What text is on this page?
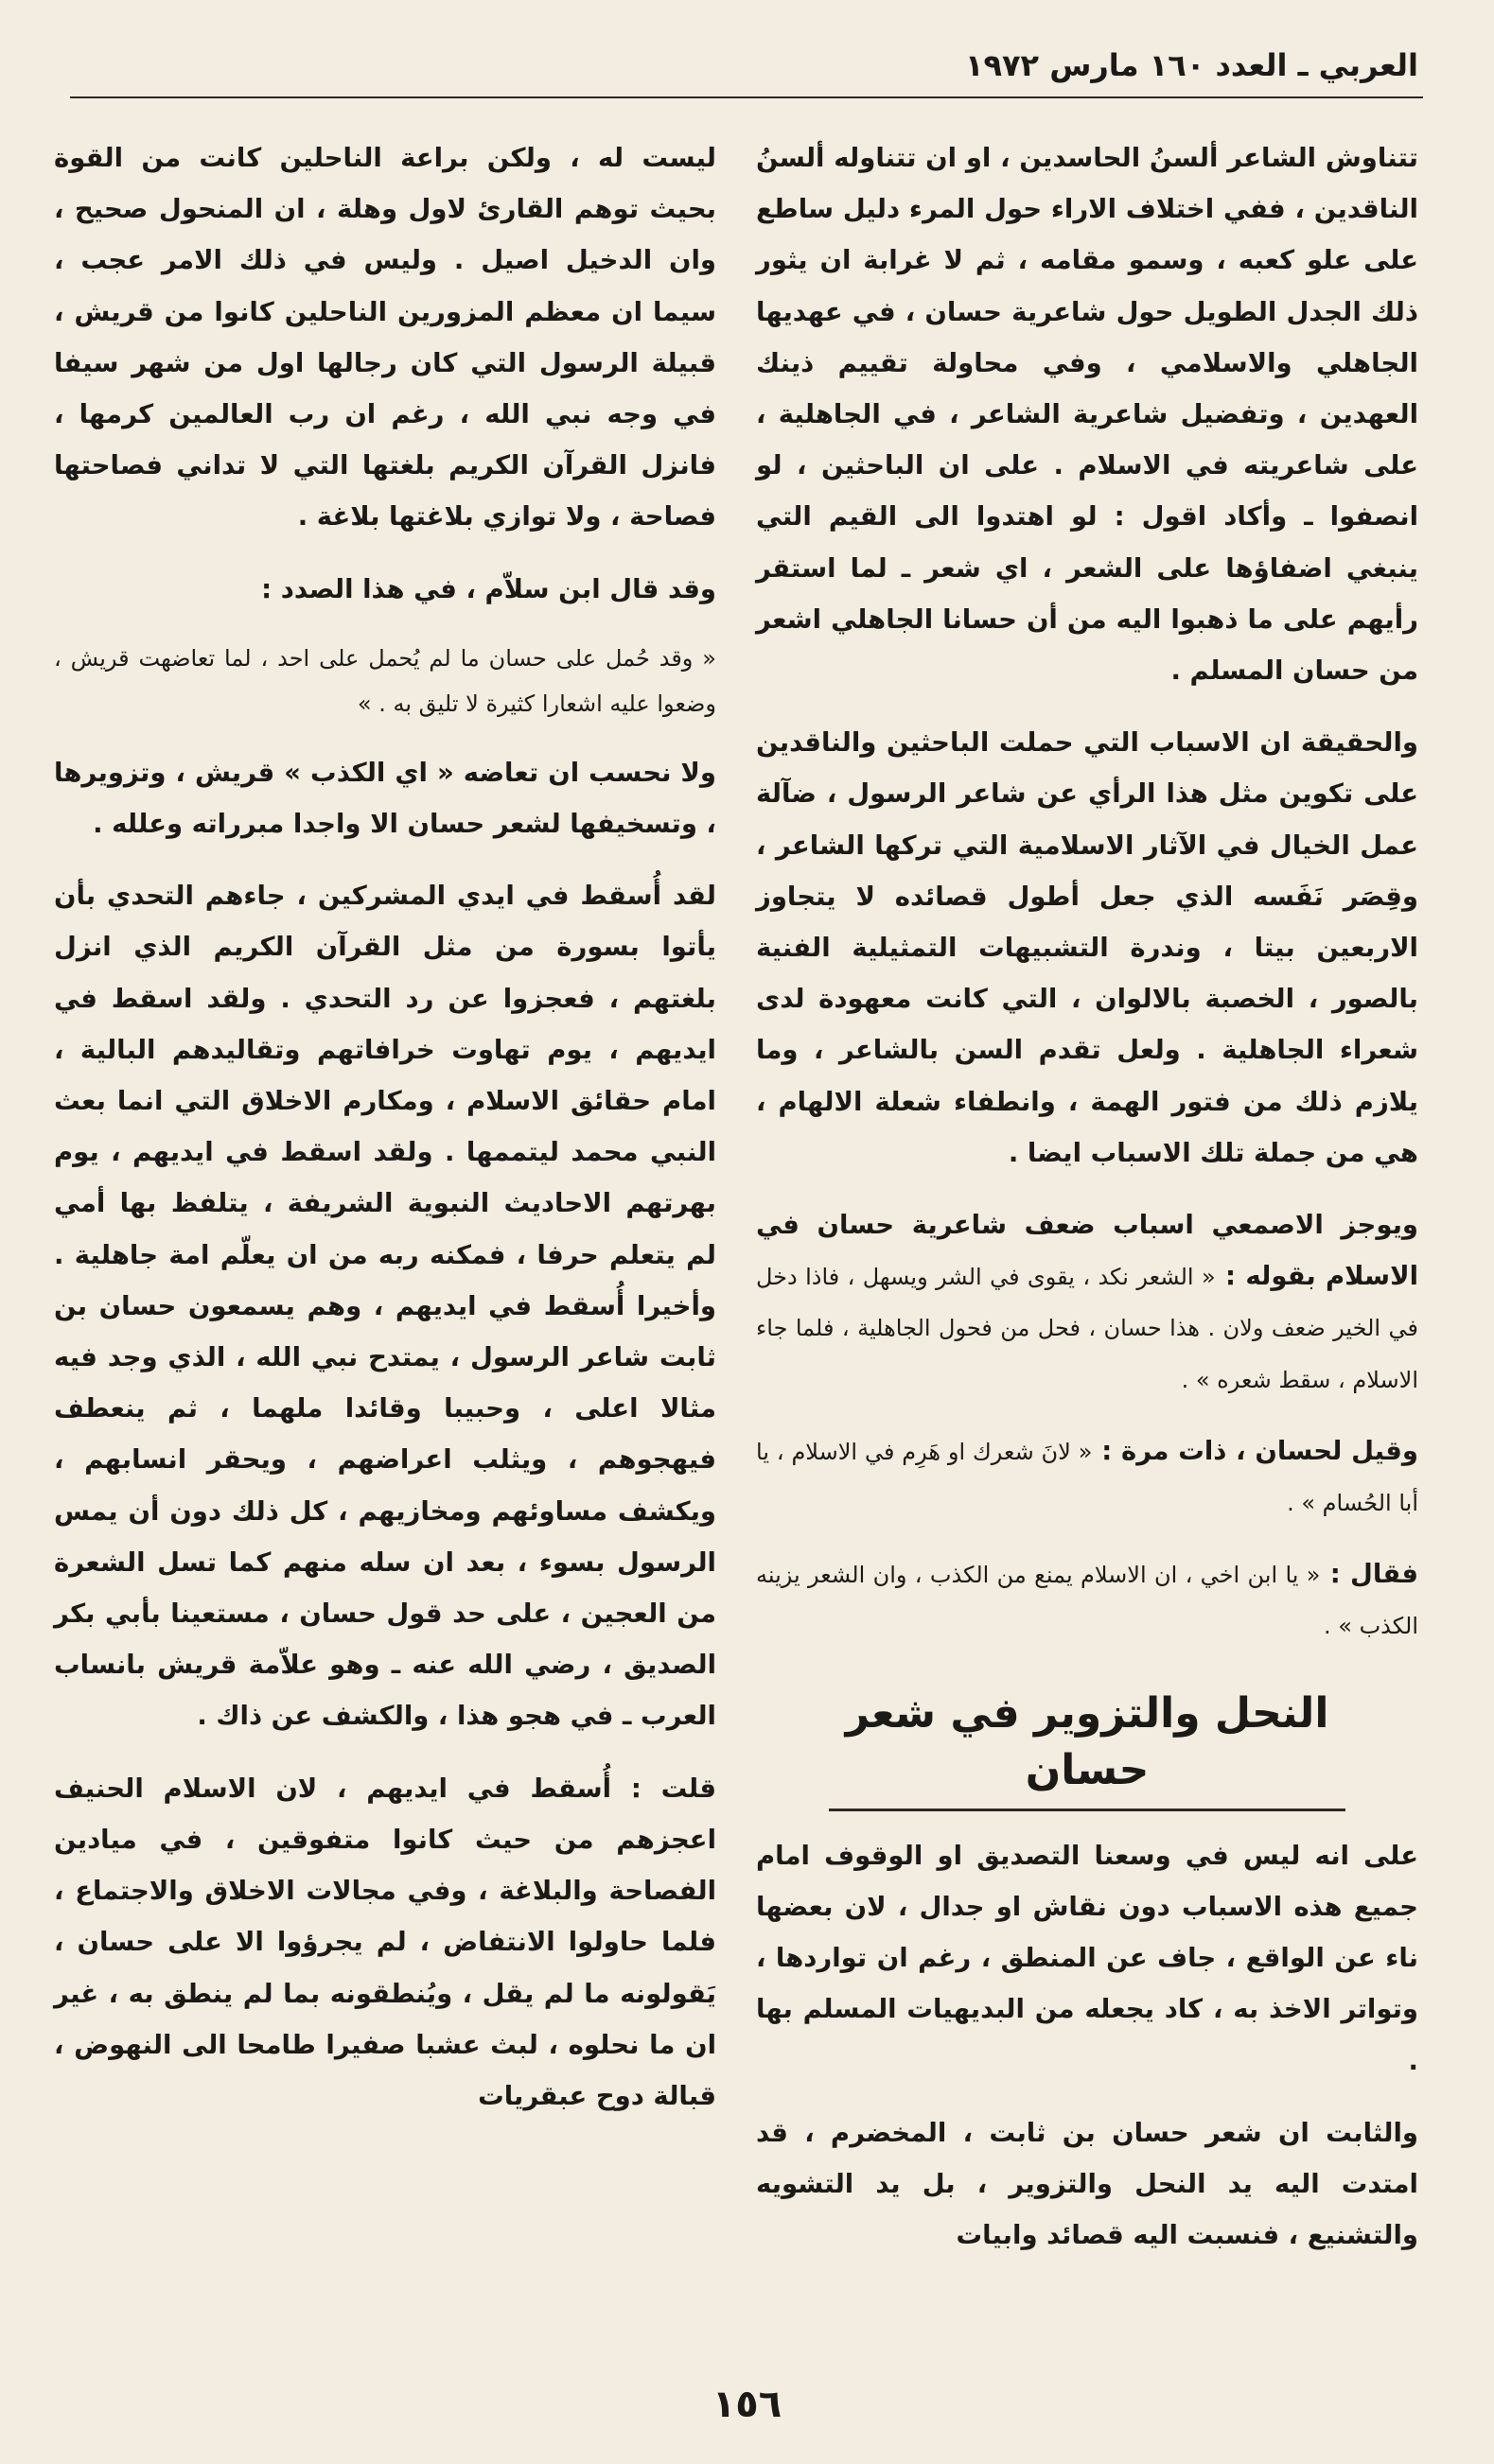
العربي ـ العدد ١٦٠ مارس ١٩٧٢

تتناوش الشاعر ألسنُ الحاسدين ، او ان تتناوله ألسنُ الناقدين ، ففي اختلاف الاراء حول المرء دليل ساطع على علو كعبه ، وسمو مقامه ، ثم لا غرابة ان يثور ذلك الجدل الطويل حول شاعرية حسان ، في عهديها الجاهلي والاسلامي ، وفي محاولة تقييم ذينك العهدين ، وتفضيل شاعرية الشاعر ، في الجاهلية ، على شاعريته في الاسلام . على ان الباحثين ، لو انصفوا ـ وأكاد اقول : لو اهتدوا الى القيم التي ينبغي اضفاؤها على الشعر ، اي شعر ـ لما استقر رأيهم على ما ذهبوا اليه من أن حسانا الجاهلي اشعر من حسان المسلم .

والحقيقة ان الاسباب التي حملت الباحثين والناقدين على تكوين مثل هذا الرأي عن شاعر الرسول ، ضآلة عمل الخيال في الآثار الاسلامية التي تركها الشاعر ، وقِصَر نَفَسه الذي جعل أطول قصائده لا يتجاوز الاربعين بيتا ، وندرة التشبيهات التمثيلية الفنية بالصور ، الخصبة بالالوان ، التي كانت معهودة لدى شعراء الجاهلية . ولعل تقدم السن بالشاعر ، وما يلازم ذلك من فتور الهمة ، وانطفاء شعلة الالهام ، هي من جملة تلك الاسباب ايضا .

ويوجز الاصمعي اسباب ضعف شاعرية حسان في الاسلام بقوله : « الشعر نكد ، يقوى في الشر ويسهل ، فاذا دخل في الخير ضعف ولان . هذا حسان ، فحل من فحول الجاهلية ، فلما جاء الاسلام ، سقط شعره » .

وقيل لحسان ، ذات مرة : « لانَ شعرك او هَرِم في الاسلام ، يا أبا الحُسام » .

فقال : « يا ابن اخي ، ان الاسلام يمنع من الكذب ، وان الشعر يزينه الكذب » .

النحل والتزوير في شعر حسان

على انه ليس في وسعنا التصديق او الوقوف امام جميع هذه الاسباب دون نقاش او جدال ، لان بعضها ناء عن الواقع ، جاف عن المنطق ، رغم ان تواردها ، وتواتر الاخذ به ، كاد يجعله من البديهيات المسلم بها .

والثابت ان شعر حسان بن ثابت ، المخضرم ، قد امتدت اليه يد النحل والتزوير ، بل يد التشويه والتشنيع ، فنسبت اليه قصائد وابيات

ليست له ، ولكن براعة الناحلين كانت من القوة بحيث توهم القارئ لاول وهلة ، ان المنحول صحيح ، وان الدخيل اصيل . وليس في ذلك الامر عجب ، سيما ان معظم المزورين الناحلين كانوا من قريش ، قبيلة الرسول التي كان رجالها اول من شهر سيفا في وجه نبي الله ، رغم ان رب العالمين كرمها ، فانزل القرآن الكريم بلغتها التي لا تداني فصاحتها فصاحة ، ولا توازي بلاغتها بلاغة .

وقد قال ابن سلاّم ، في هذا الصدد :

« وقد حُمل على حسان ما لم يُحمل على احد ، لما تعاضهت قريش ، وضعوا عليه اشعارا كثيرة لا تليق به . »

ولا نحسب ان تعاضه « اي الكذب » قريش ، وتزويرها ، وتسخيفها لشعر حسان الا واجدا مبرراته وعلله .

لقد أُسقط في ايدي المشركين ، جاءهم التحدي بأن يأتوا بسورة من مثل القرآن الكريم الذي انزل بلغتهم ، فعجزوا عن رد التحدي . ولقد اسقط في ايديهم ، يوم تهاوت خرافاتهم وتقاليدهم البالية ، امام حقائق الاسلام ، ومكارم الاخلاق التي انما بعث النبي محمد ليتممها . ولقد اسقط في ايديهم ، يوم بهرتهم الاحاديث النبوية الشريفة ، يتلفظ بها أمي لم يتعلم حرفا ، فمكنه ربه من ان يعلّم امة جاهلية . وأخيرا أُسقط في ايديهم ، وهم يسمعون حسان بن ثابت شاعر الرسول ، يمتدح نبي الله ، الذي وجد فيه مثالا اعلى ، وحبيبا وقائدا ملهما ، ثم ينعطف فيهجوهم ، ويثلب اعراضهم ، ويحقر انسابهم ، ويكشف مساوئهم ومخازيهم ، كل ذلك دون أن يمس الرسول بسوء ، بعد ان سله منهم كما تسل الشعرة من العجين ، على حد قول حسان ، مستعينا بأبي بكر الصديق ، رضي الله عنه ـ وهو علاّمة قريش بانساب العرب ـ في هجو هذا ، والكشف عن ذاك .

قلت : أُسقط في ايديهم ، لان الاسلام الحنيف اعجزهم من حيث كانوا متفوقين ، في ميادين الفصاحة والبلاغة ، وفي مجالات الاخلاق والاجتماع ، فلما حاولوا الانتفاض ، لم يجرؤوا الا على حسان ، يَقولونه ما لم يقل ، ويُنطقونه بما لم ينطق به ، غير ان ما نحلوه ، لبث عشبا صفيرا طامحا الى النهوض ، قبالة دوح عبقريات

١٥٦
